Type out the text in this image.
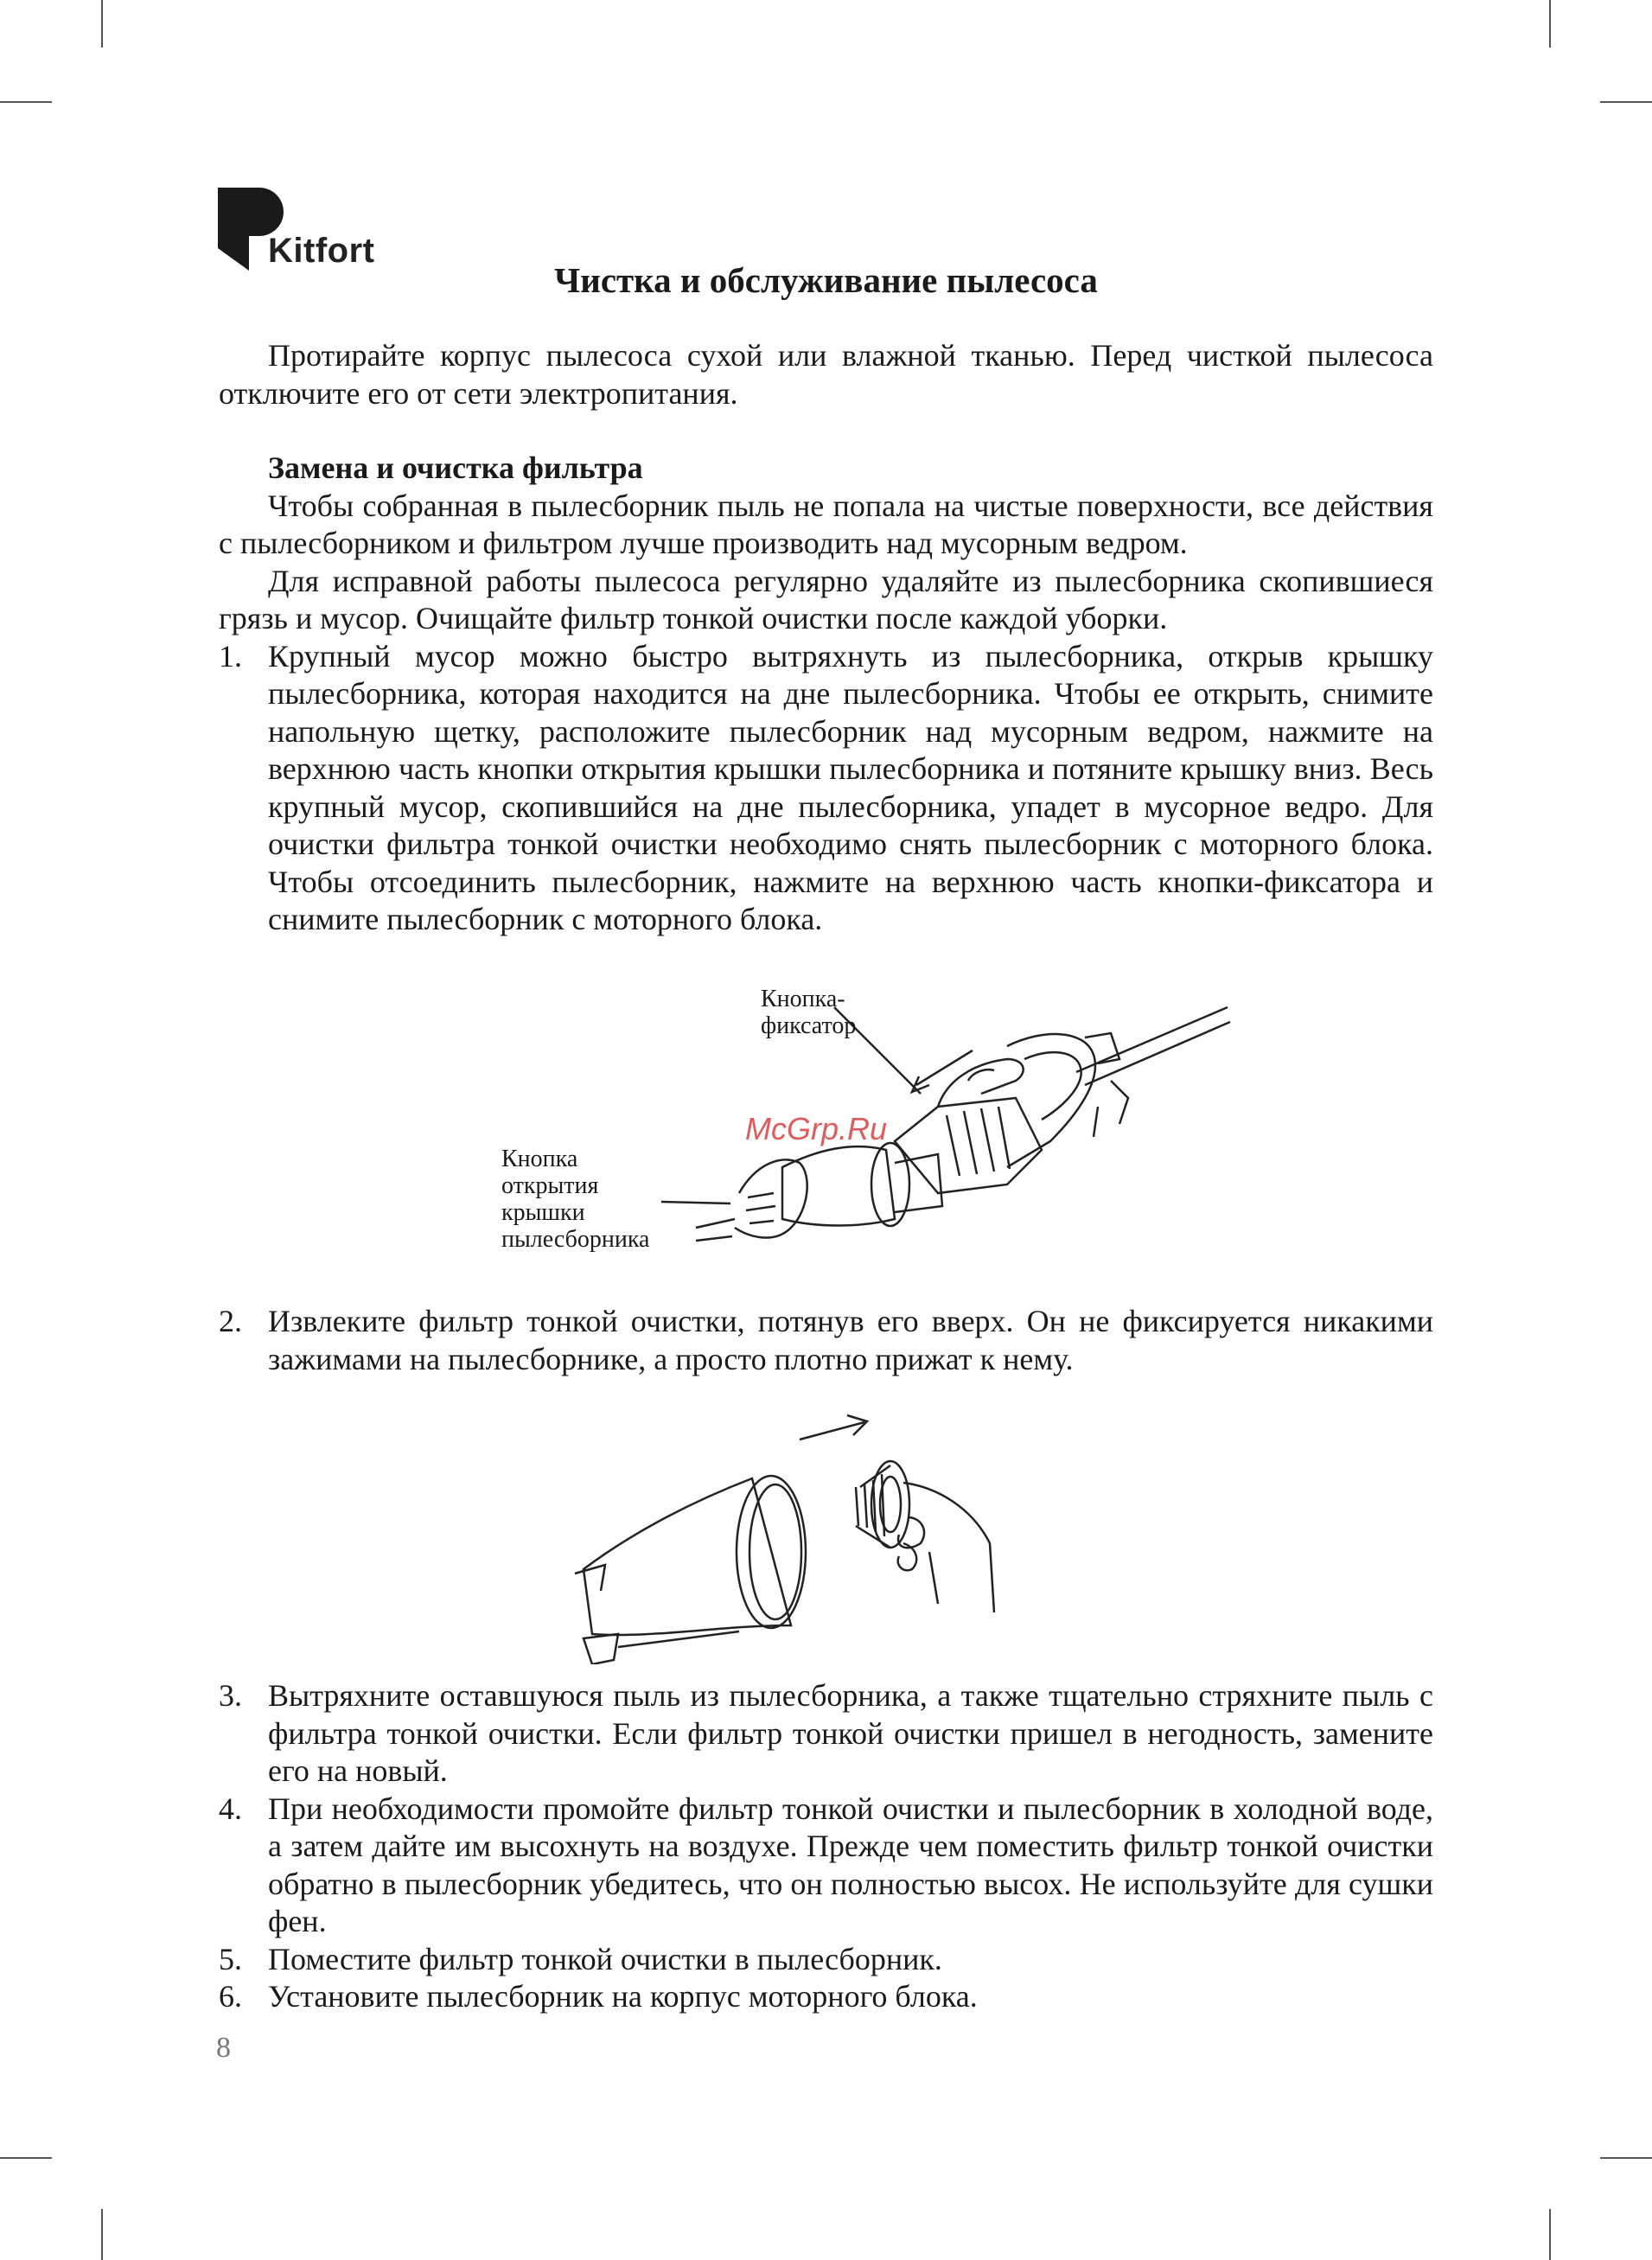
Kitfort
Чистка и обслуживание пылесоса

Протирайте корпус пылесоса сухой или влажной тканью. Перед чисткой пылесоса отключите его от сети электропитания.

Замена и очистка фильтра

Чтобы собранная в пылесборник пыль не попала на чистые поверхности, все действия с пылесборником и фильтром лучше производить над мусорным ведром.

Для исправной работы пылесоса регулярно удаляйте из пылесборника скопившиеся грязь и мусор. Очищайте фильтр тонкой очистки после каждой уборки.

1. Крупный мусор можно быстро вытряхнуть из пылесборника, открыв крышку пылесборника, которая находится на дне пылесборника. Чтобы ее открыть, снимите напольную щетку, расположите пылесборник над мусорным ведром, нажмите на верхнюю часть кнопки открытия крышки пылесборника и потяните крышку вниз. Весь крупный мусор, скопившийся на дне пылесборника, упадет в мусорное ведро. Для очистки фильтра тонкой очистки необходимо снять пылесборник с моторного блока. Чтобы отсоединить пылесборник, нажмите на верхнюю часть кнопки-фиксатора и снимите пылесборник с моторного блока.
Кнопка-
фиксатор
Кнопка
открытия
крышки
пылесборника
McGrp.Ru
2. Извлеките фильтр тонкой очистки, потянув его вверх. Он не фиксируется никакими зажимами на пылесборнике, а просто плотно прижат к нему.
3. Вытряхните оставшуюся пыль из пылесборника, а также тщательно стряхните пыль с фильтра тонкой очистки. Если фильтр тонкой очистки пришел в негодность, замените его на новый.
4. При необходимости промойте фильтр тонкой очистки и пылесборник в холодной воде, а затем дайте им высохнуть на воздухе. Прежде чем поместить фильтр тонкой очистки обратно в пылесборник убедитесь, что он полностью высох. Не используйте для сушки фен.
5. Поместите фильтр тонкой очистки в пылесборник.
6. Установите пылесборник на корпус моторного блока.
8
